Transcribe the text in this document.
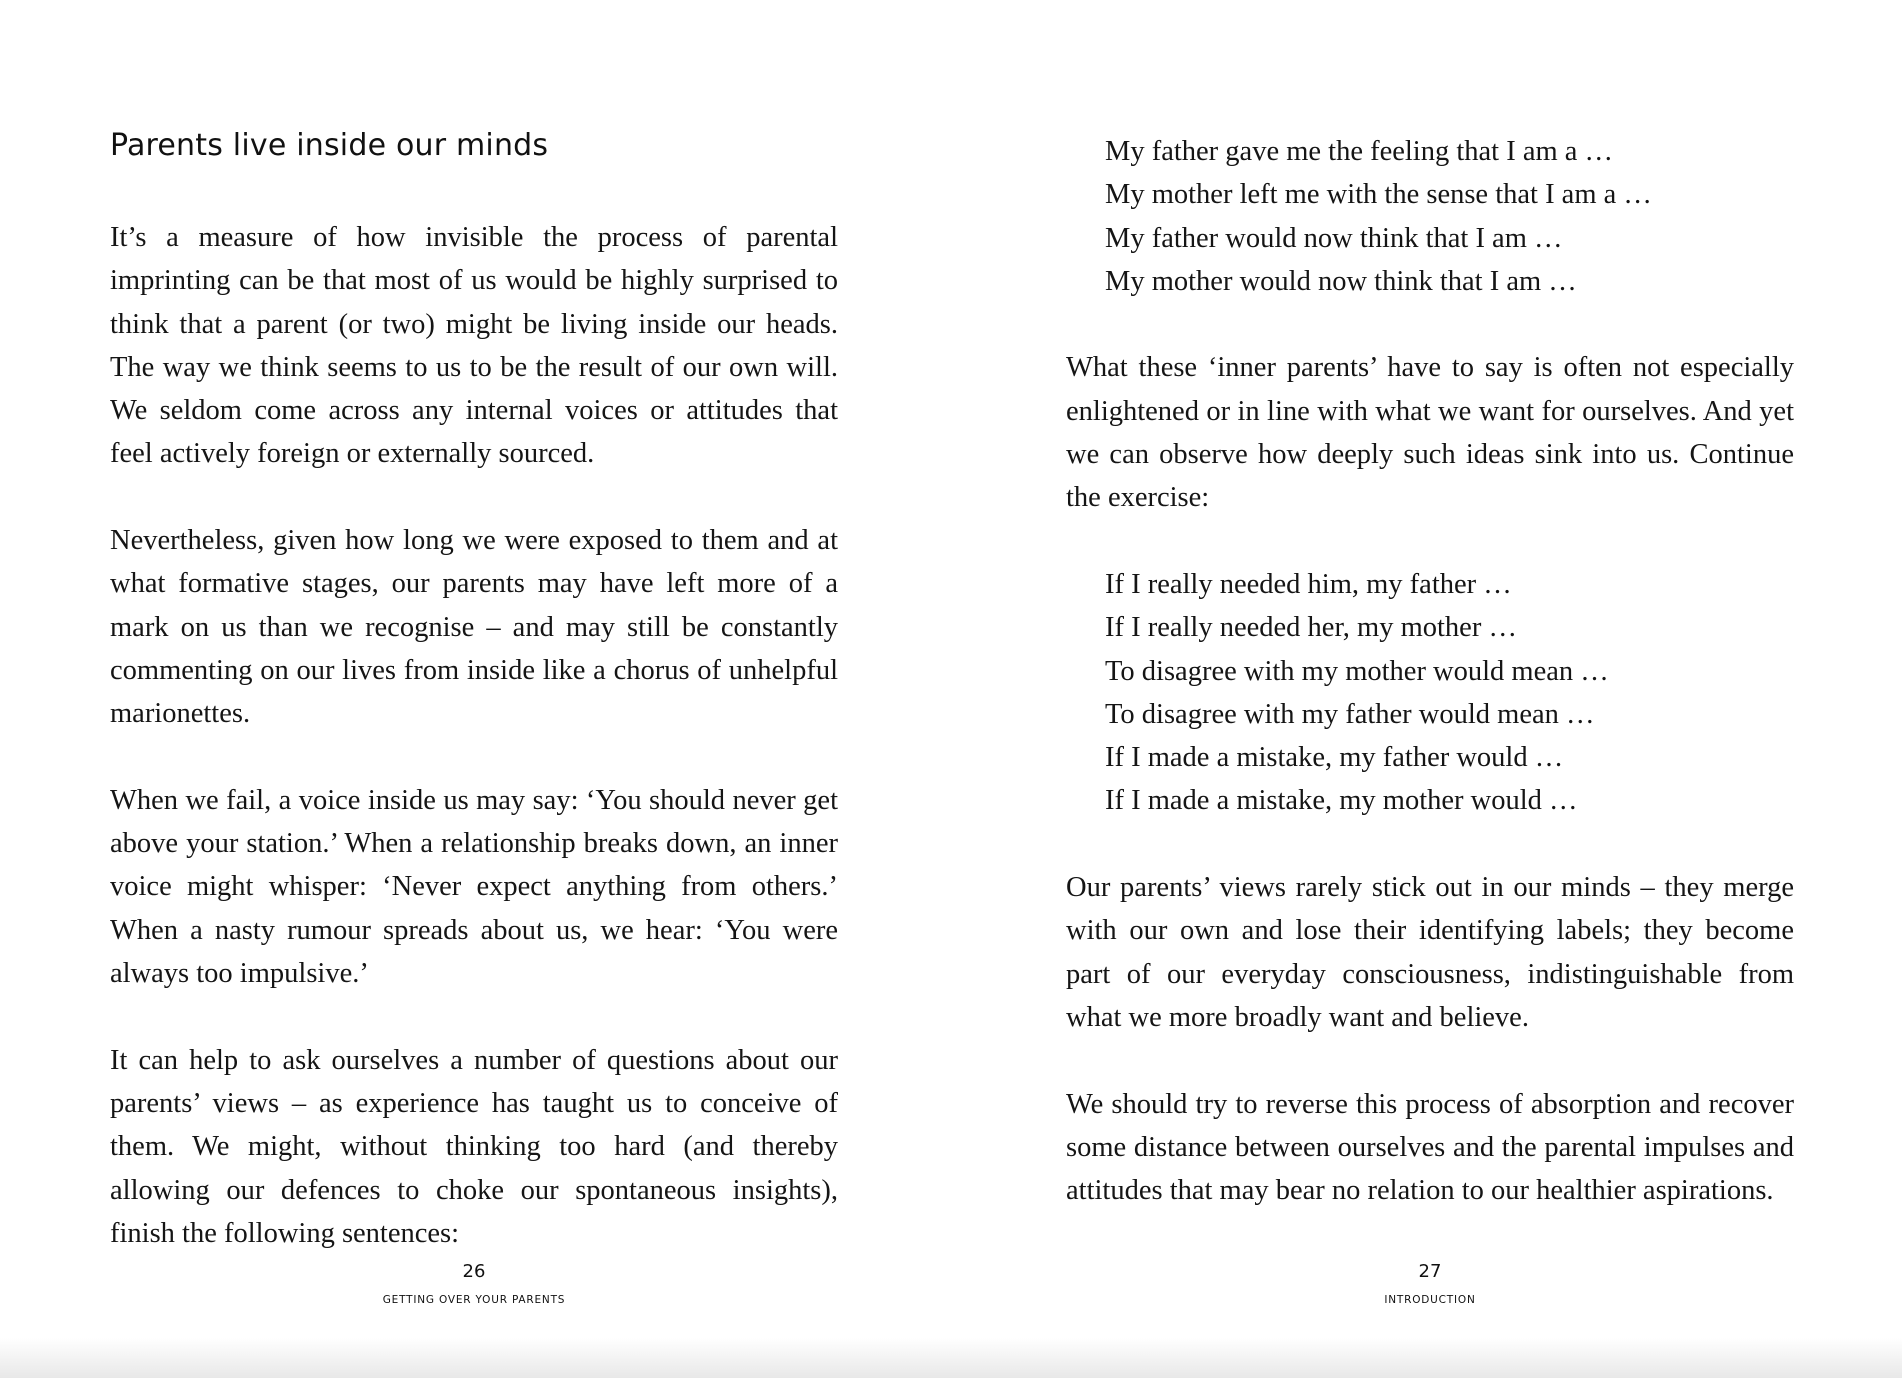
Parents live inside our minds

It’s a measure of how invisible the process of parental imprinting can be that most of us would be highly surprised to think that a parent (or two) might be living inside our heads. The way we think seems to us to be the result of our own will. We seldom come across any internal voices or attitudes that feel actively foreign or externally sourced.

Nevertheless, given how long we were exposed to them and at what formative stages, our parents may have left more of a mark on us than we recognise – and may still be constantly commenting on our lives from inside like a chorus of unhelpful marionettes.

When we fail, a voice inside us may say: ‘You should never get above your station.’ When a relationship breaks down, an inner voice might whisper: ‘Never expect anything from others.’ When a nasty rumour spreads about us, we hear: ‘You were always too impulsive.’

It can help to ask ourselves a number of questions about our parents’ views – as experience has taught us to conceive of them. We might, without thinking too hard (and thereby allowing our defences to choke our spontaneous insights), finish the following sentences:

26
GETTING OVER YOUR PARENTS
My father gave me the feeling that I am a …
My mother left me with the sense that I am a …
My father would now think that I am …
My mother would now think that I am …

What these ‘inner parents’ have to say is often not especially enlightened or in line with what we want for ourselves. And yet we can observe how deeply such ideas sink into us. Continue the exercise:

If I really needed him, my father …
If I really needed her, my mother …
To disagree with my mother would mean …
To disagree with my father would mean …
If I made a mistake, my father would …
If I made a mistake, my mother would …

Our parents’ views rarely stick out in our minds – they merge with our own and lose their identifying labels; they become part of our everyday consciousness, indistinguishable from what we more broadly want and believe.

We should try to reverse this process of absorption and recover some distance between ourselves and the parental impulses and attitudes that may bear no relation to our healthier aspirations.

27
INTRODUCTION
